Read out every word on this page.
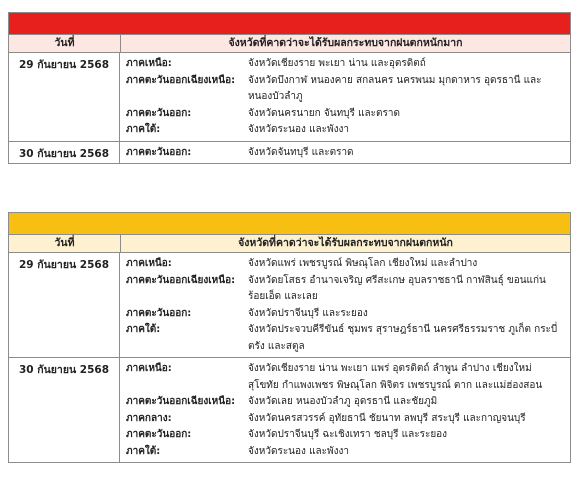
วันที่	จังหวัดที่คาดว่าจะได้รับผลกระทบจากฝนตกหนักมาก
29 กันยายน 2568	ภาคเหนือ:	จังหวัดเชียงราย พะเยา น่าน และอุตรดิตถ์
ภาคตะวันออกเฉียงเหนือ:	จังหวัดบึงกาฬ หนองคาย สกลนคร นครพนม มุกดาหาร อุดรธานี และหนองบัวลำภู
ภาคตะวันออก:	จังหวัดนครนายก จันทบุรี และตราด
ภาคใต้:	จังหวัดระนอง และพังงา
30 กันยายน 2568	ภาคตะวันออก:	จังหวัดจันทบุรี และตราด
วันที่	จังหวัดที่คาดว่าจะได้รับผลกระทบจากฝนตกหนัก
29 กันยายน 2568	ภาคเหนือ:	จังหวัดแพร่ เพชรบูรณ์ พิษณุโลก เชียงใหม่ และลำปาง
ภาคตะวันออกเฉียงเหนือ:	จังหวัดยโสธร อำนาจเจริญ ศรีสะเกษ อุบลราชธานี กาฬสินธุ์ ขอนแก่น ร้อยเอ็ด และเลย
ภาคตะวันออก:	จังหวัดปราจีนบุรี และระยอง
ภาคใต้:	จังหวัดประจวบคีรีขันธ์ ชุมพร สุราษฎร์ธานี นครศรีธรรมราช ภูเก็ต กระบี่ ตรัง และสตูล
30 กันยายน 2568	ภาคเหนือ:	จังหวัดเชียงราย น่าน พะเยา แพร่ อุตรดิตถ์ ลำพูน ลำปาง เชียงใหม่ สุโขทัย กำแพงเพชร พิษณุโลก พิจิตร เพชรบูรณ์ ตาก และแม่ฮ่องสอน
ภาคตะวันออกเฉียงเหนือ:	จังหวัดเลย หนองบัวลำภู อุดรธานี และชัยภูมิ
ภาคกลาง:	จังหวัดนครสวรรค์ อุทัยธานี ชัยนาท ลพบุรี สระบุรี และกาญจนบุรี
ภาคตะวันออก:	จังหวัดปราจีนบุรี ฉะเชิงเทรา ชลบุรี และระยอง
ภาคใต้:	จังหวัดระนอง และพังงา
